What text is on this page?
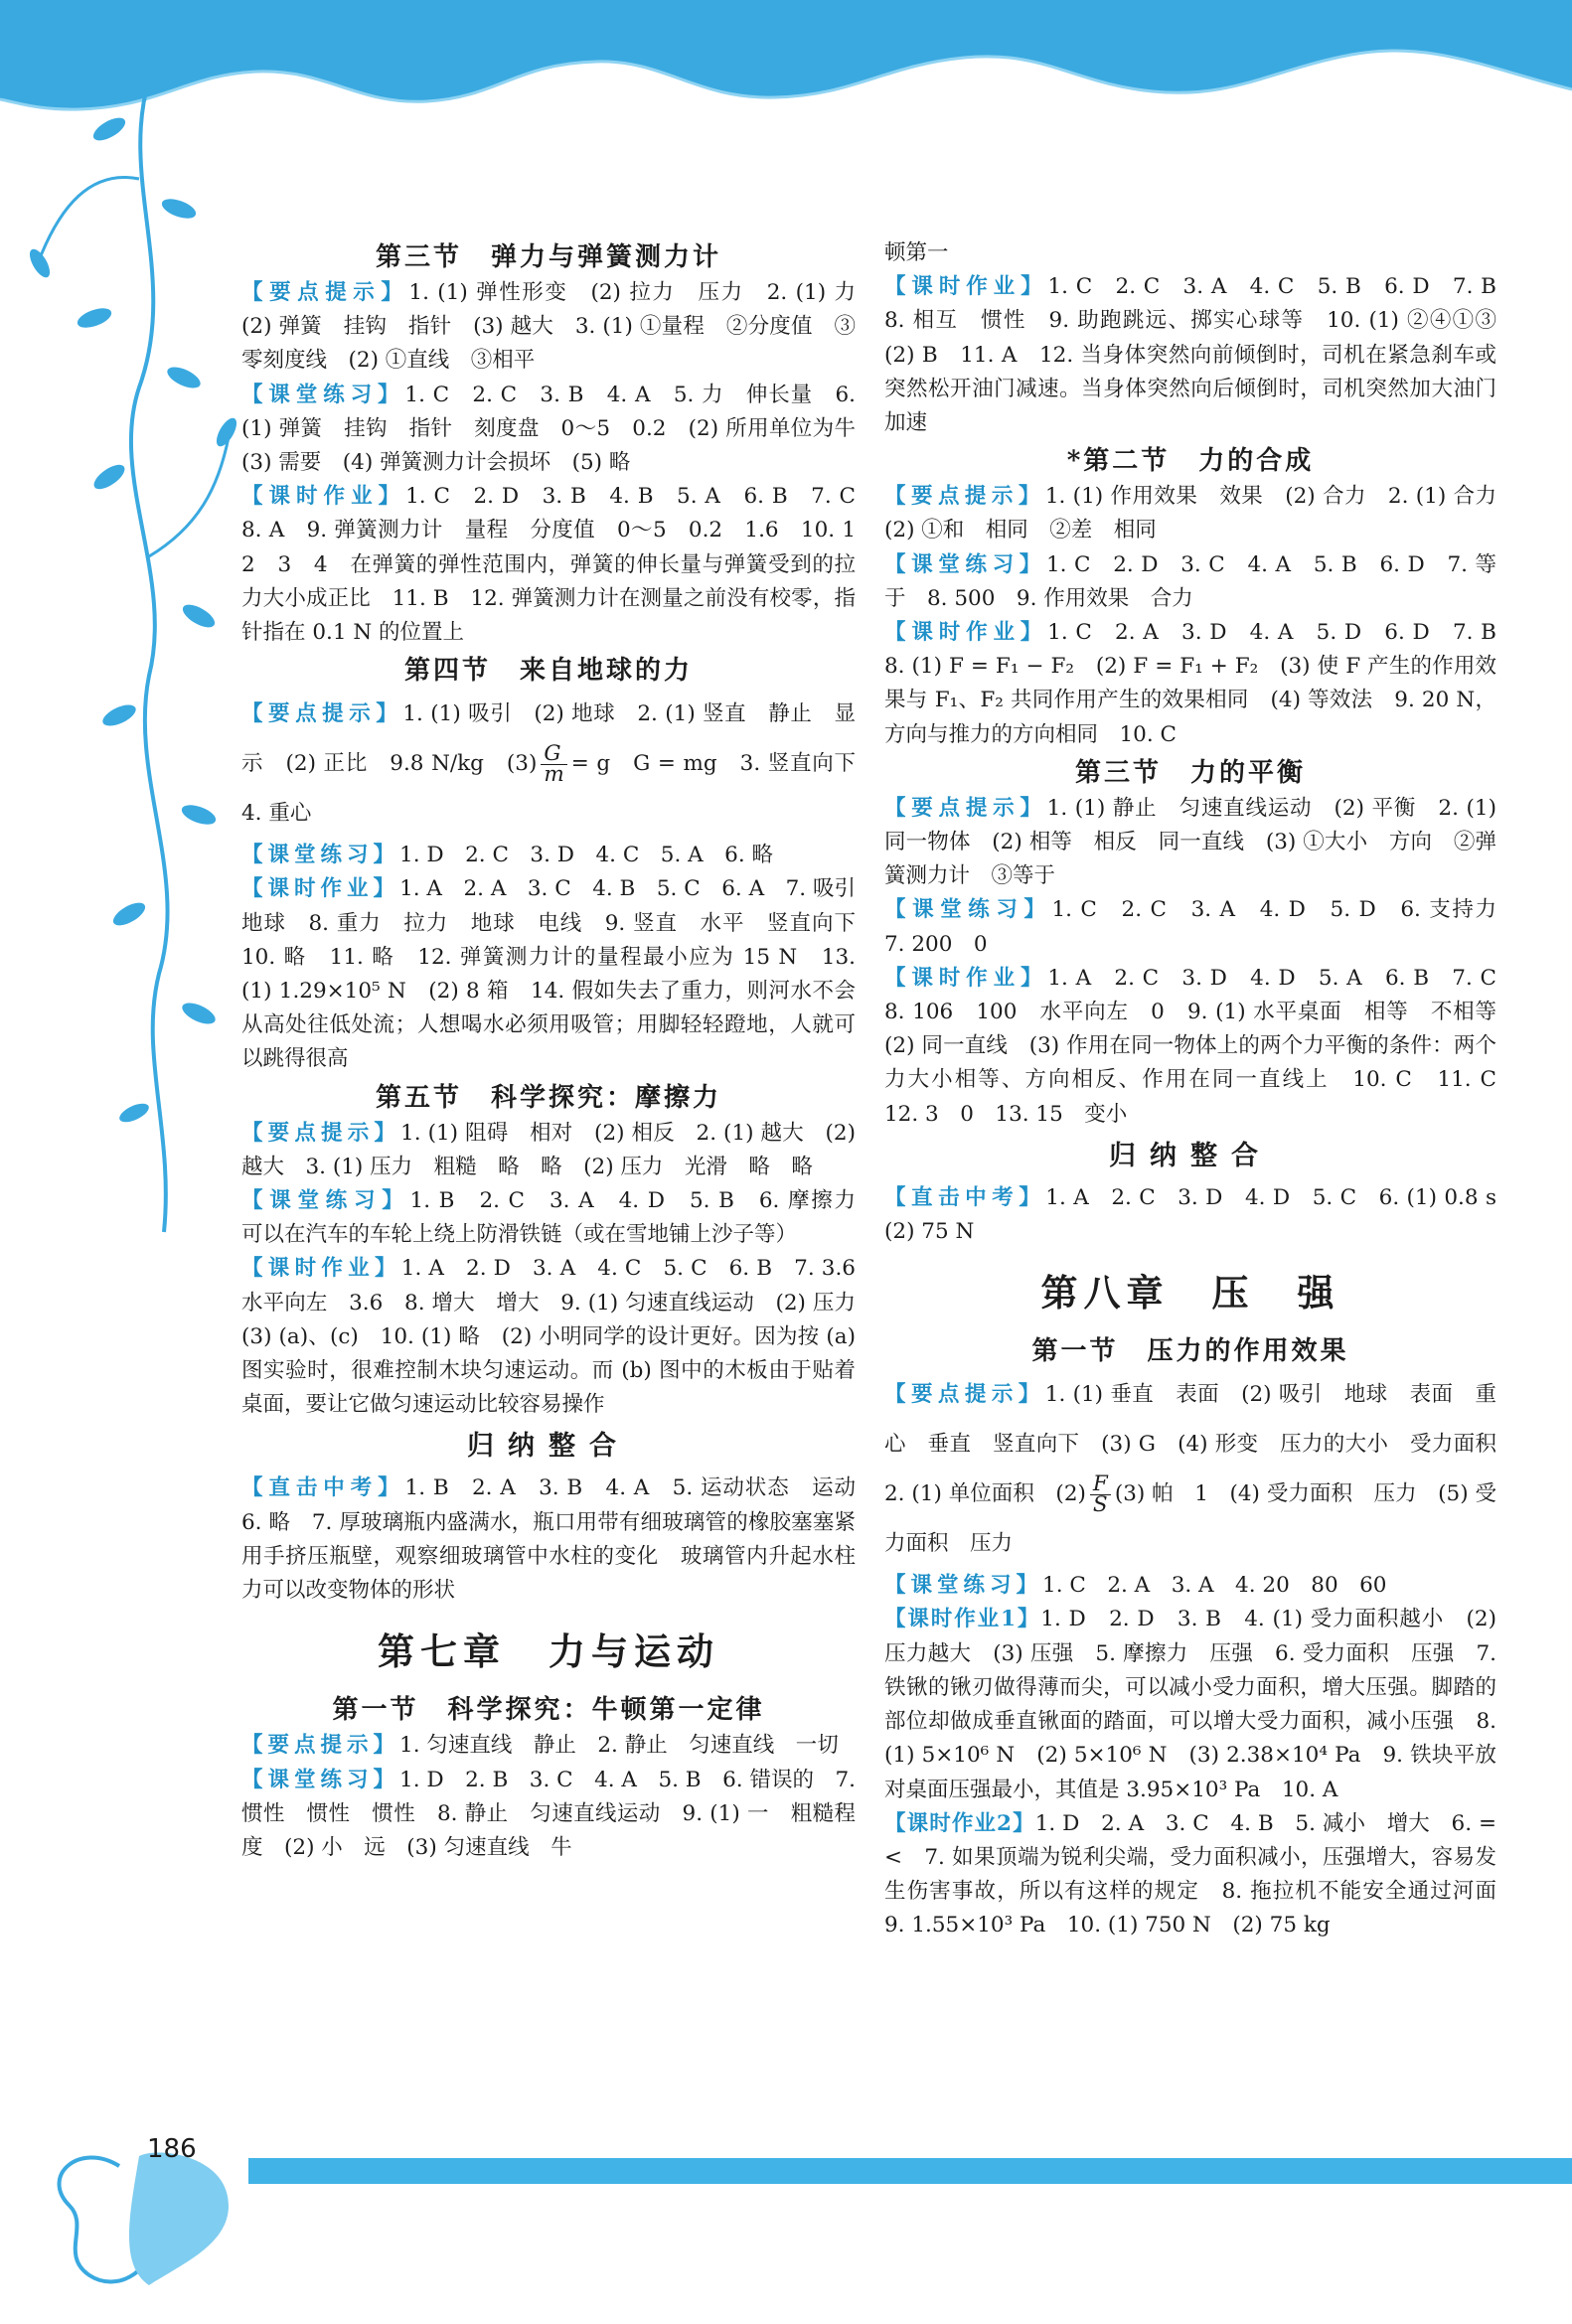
186
第三节　弹力与弹簧测力计
【要点提示】1. (1) 弹性形变　(2) 拉力　压力　2. (1) 力　(2) 弹簧　挂钩　指针　(3) 越大　3. (1) ①量程　②分度值　③零刻度线　(2) ①直线　③相平
【课堂练习】1. C　2. C　3. B　4. A　5. 力　伸长量　6. (1) 弹簧　挂钩　指针　刻度盘　0～5　0.2　(2) 所用单位为牛　(3) 需要　(4) 弹簧测力计会损坏　(5) 略
【课时作业】1. C　2. D　3. B　4. B　5. A　6. B　7. C　8. A　9. 弹簧测力计　量程　分度值　0～5　0.2　1.6　10. 1　2　3　4　在弹簧的弹性范围内，弹簧的伸长量与弹簧受到的拉力大小成正比　11. B　12. 弹簧测力计在测量之前没有校零，指针指在 0.1 N 的位置上
第四节　来自地球的力
【要点提示】1. (1) 吸引　(2) 地球　2. (1) 竖直　静止　显示　(2) 正比　9.8 N/kg　$(3) \frac{G}{m} = g$　G = mg　3. 竖直向下　4. 重心
【课堂练习】1. D　2. C　3. D　4. C　5. A　6. 略
【课时作业】1. A　2. A　3. C　4. B　5. C　6. A　7. 吸引　地球　8. 重力　拉力　地球　电线　9. 竖直　水平　竖直向下　10. 略　11. 略　12. 弹簧测力计的量程最小应为 15 N　13. (1) 1.29×10⁵ N　(2) 8 箱　14. 假如失去了重力，则河水不会从高处往低处流；人想喝水必须用吸管；用脚轻轻蹬地，人就可以跳得很高
第五节　科学探究：摩擦力
【要点提示】1. (1) 阻碍　相对　(2) 相反　2. (1) 越大　(2) 越大　3. (1) 压力　粗糙　略　略　(2) 压力　光滑　略　略
【课堂练习】1. B　2. C　3. A　4. D　5. B　6. 摩擦力　可以在汽车的车轮上绕上防滑铁链（或在雪地铺上沙子等）
【课时作业】1. A　2. D　3. A　4. C　5. C　6. B　7. 3.6　水平向左　3.6　8. 增大　增大　9. (1) 匀速直线运动　(2) 压力　(3) (a)、(c)　10. (1) 略　(2) 小明同学的设计更好。因为按 (a) 图实验时，很难控制木块匀速运动。而 (b) 图中的木板由于贴着桌面，要让它做匀速运动比较容易操作
归纳整合
【直击中考】1. B　2. A　3. B　4. A　5. 运动状态　运动　6. 略　7. 厚玻璃瓶内盛满水，瓶口用带有细玻璃管的橡胶塞塞紧　用手挤压瓶壁，观察细玻璃管中水柱的变化　玻璃管内升起水柱　力可以改变物体的形状
第七章　力与运动
第一节　科学探究：牛顿第一定律
【要点提示】1. 匀速直线　静止　2. 静止　匀速直线　一切
【课堂练习】1. D　2. B　3. C　4. A　5. B　6. 错误的　7. 惯性　惯性　惯性　8. 静止　匀速直线运动　9. (1) 一　粗糙程度　(2) 小　远　(3) 匀速直线　牛
顿第一
【课时作业】1. C　2. C　3. A　4. C　5. B　6. D　7. B　8. 相互　惯性　9. 助跑跳远、掷实心球等　10. (1) ②④①③　(2) B　11. A　12. 当身体突然向前倾倒时，司机在紧急刹车或突然松开油门减速。当身体突然向后倾倒时，司机突然加大油门加速
*第二节　力的合成
【要点提示】1. (1) 作用效果　效果　(2) 合力　2. (1) 合力　(2) ①和　相同　②差　相同
【课堂练习】1. C　2. D　3. C　4. A　5. B　6. D　7. 等于　8. 500　9. 作用效果　合力
【课时作业】1. C　2. A　3. D　4. A　5. D　6. D　7. B　8. (1) F = F₁ − F₂　(2) F = F₁ + F₂　(3) 使 F 产生的作用效果与 F₁、F₂ 共同作用产生的效果相同　(4) 等效法　9. 20 N，方向与推力的方向相同　10. C
第三节　力的平衡
【要点提示】1. (1) 静止　匀速直线运动　(2) 平衡　2. (1) 同一物体　(2) 相等　相反　同一直线　(3) ①大小　方向　②弹簧测力计　③等于
【课堂练习】1. C　2. C　3. A　4. D　5. D　6. 支持力　7. 200　0
【课时作业】1. A　2. C　3. D　4. D　5. A　6. B　7. C　8. 106　100　水平向左　0　9. (1) 水平桌面　相等　不相等　(2) 同一直线　(3) 作用在同一物体上的两个力平衡的条件：两个力大小相等、方向相反、作用在同一直线上　10. C　11. C　12. 3　0　13. 15　变小
归纳整合
【直击中考】1. A　2. C　3. D　4. D　5. C　6. (1) 0.8 s　(2) 75 N
第八章　压　强
第一节　压力的作用效果
【要点提示】1. (1) 垂直　表面　(2) 吸引　地球　表面　重心　垂直　竖直向下　(3) G　(4) 形变　压力的大小　受力面积　2. (1) 单位面积　$(2) \frac{F}{S} (3)$ 帕　1　(4) 受力面积　压力　(5) 受力面积　压力
【课堂练习】1. C　2. A　3. A　4. 20　80　60
【课时作业1】1. D　2. D　3. B　4. (1) 受力面积越小　(2) 压力越大　(3) 压强　5. 摩擦力　压强　6. 受力面积　压强　7. 铁锹的锹刃做得薄而尖，可以减小受力面积，增大压强。脚踏的部位却做成垂直锹面的踏面，可以增大受力面积，减小压强　8. (1) 5×10⁶ N　(2) 5×10⁶ N　(3) 2.38×10⁴ Pa　9. 铁块平放对桌面压强最小，其值是 3.95×10³ Pa　10. A
【课时作业2】1. D　2. A　3. C　4. B　5. 减小　增大　6. =　<　7. 如果顶端为锐利尖端，受力面积减小，压强增大，容易发生伤害事故，所以有这样的规定　8. 拖拉机不能安全通过河面　9. 1.55×10³ Pa　10. (1) 750 N　(2) 75 kg
